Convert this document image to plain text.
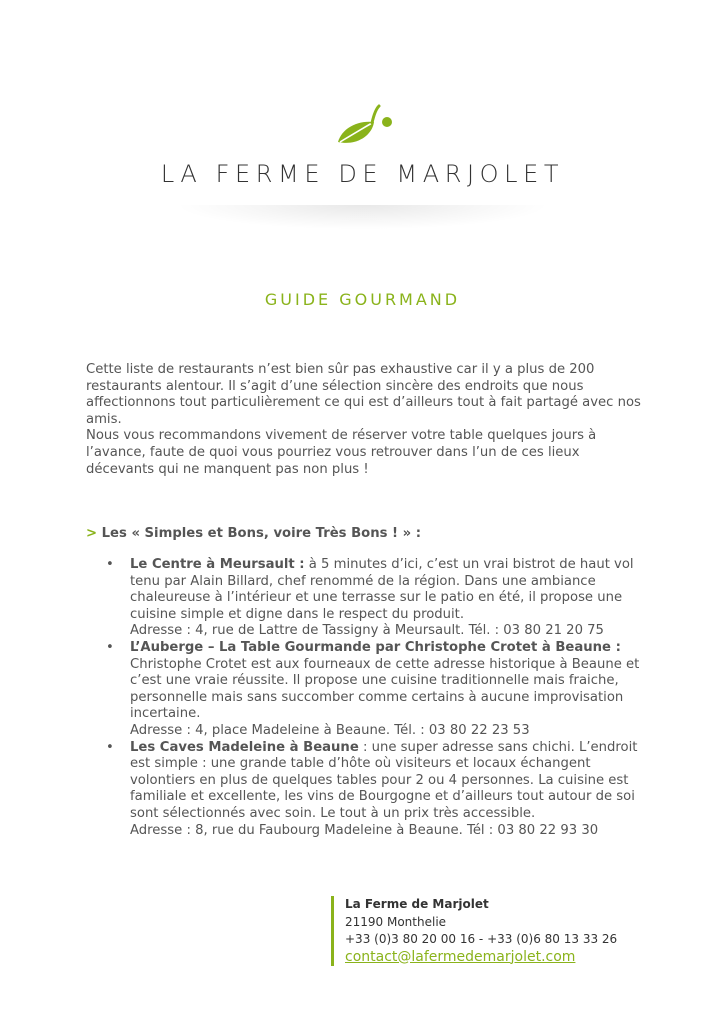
LA FERME DE MARJOLET
GUIDE GOURMAND

Cette liste de restaurants n’est bien sûr pas exhaustive car il y a plus de 200 restaurants alentour. Il s’agit d’une sélection sincère des endroits que nous affectionnons tout particulièrement ce qui est d’ailleurs tout à fait partagé avec nos amis.

Nous vous recommandons vivement de réserver votre table quelques jours à l’avance, faute de quoi vous pourriez vous retrouver dans l’un de ces lieux décevants qui ne manquent pas non plus !

> Les « Simples et Bons, voire Très Bons ! » :
• Le Centre à Meursault : à 5 minutes d’ici, c’est un vrai bistrot de haut vol tenu par Alain Billard, chef renommé de la région. Dans une ambiance chaleureuse à l’intérieur et une terrasse sur le patio en été, il propose une cuisine simple et digne dans le respect du produit.
Adresse : 4, rue de Lattre de Tassigny à Meursault. Tél. : 03 80 21 20 75
• L’Auberge – La Table Gourmande par Christophe Crotet à Beaune : Christophe Crotet est aux fourneaux de cette adresse historique à Beaune et c’est une vraie réussite. Il propose une cuisine traditionnelle mais fraiche, personnelle mais sans succomber comme certains à aucune improvisation incertaine.
Adresse : 4, place Madeleine à Beaune. Tél. : 03 80 22 23 53
• Les Caves Madeleine à Beaune : une super adresse sans chichi. L’endroit est simple : une grande table d’hôte où visiteurs et locaux échangent volontiers en plus de quelques tables pour 2 ou 4 personnes. La cuisine est familiale et excellente, les vins de Bourgogne et d’ailleurs tout autour de soi sont sélectionnés avec soin. Le tout à un prix très accessible.
Adresse : 8, rue du Faubourg Madeleine à Beaune. Tél : 03 80 22 93 30
La Ferme de Marjolet
21190 Monthelie
+33 (0)3 80 20 00 16 - +33 (0)6 80 13 33 26
contact@lafermedemarjolet.com
